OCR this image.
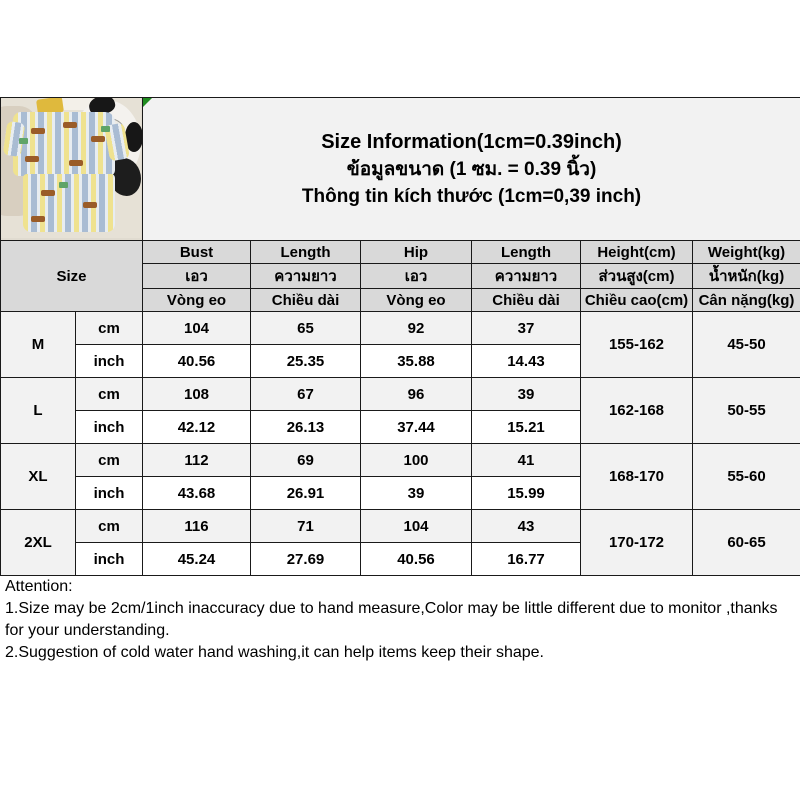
		Size Information(1cm=0.39inch)
ข้อมูลขนาด (1 ซม. = 0.39 นิ้ว)
Thông tin kích thước (1cm=0,39 inch)					

Size		Bust	Length	Hip	Length	Height(cm)	Weight(kg)
		เอว	ความยาว	เอว	ความยาว	ส่วนสูง(cm)	น้ำหนัก(kg)
		Vòng eo	Chiều dài	Vòng eo	Chiều dài	Chiều cao(cm)	Cân nặng(kg)
M	cm	104	65	92	37	155-162	45-50
	inch	40.56	25.35	35.88	14.43		
L	cm	108	67	96	39	162-168	50-55
	inch	42.12	26.13	37.44	15.21		
XL	cm	112	69	100	41	168-170	55-60
	inch	43.68	26.91	39	15.99		
2XL	cm	116	71	104	43	170-172	60-65
	inch	45.24	27.69	40.56	16.77		
Attention:
1.Size may be 2cm/1inch inaccuracy due to hand measure,Color may be little different due to monitor ,thanks for your understanding.
2.Suggestion of cold water hand washing,it can help items keep their shape.
